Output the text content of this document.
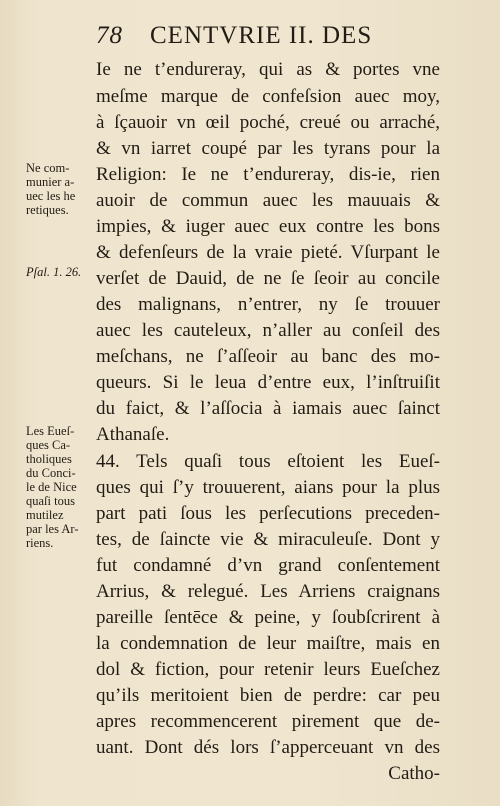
78 CENTVRIE II. DES
Ie ne t’endureray, qui as & portes vne
meſme marque de confeſsion auec moy,
à ſçauoir vn œil poché, creué ou arraché,
& vn iarret coupé par les tyrans pour la
Religion: Ie ne t’endureray, dis-ie, rien
auoir de commun auec les mauuais &
impies, & iuger auec eux contre les bons
& defenſeurs de la vraie pieté. Vſurpant le
verſet de Dauid, de ne ſe ſeoir au concile
des malignans, n’entrer, ny ſe trouuer
auec les cauteleux, n’aller au conſeil des
meſchans, ne ſ’aſſeoir au banc des mo-
queurs. Si le leua d’entre eux, l’inſtruiſit
du faict, & l’aſſocia à iamais auec ſainct
Athanaſe.
44. Tels quaſi tous eſtoient les Eueſ-
ques qui ſ’y trouuerent, aians pour la plus
part pati ſous les perſecutions preceden-
tes, de ſaincte vie & miraculeuſe. Dont y
fut condamné d’vn grand conſentement
Arrius, & relegué. Les Arriens craignans
pareille ſentēce & peine, y ſoubſcrirent à
la condemnation de leur maiſtre, mais en
dol & fiction, pour retenir leurs Eueſchez
qu’ils meritoient bien de perdre: car peu
apres recommencerent pirement que de-
uant. Dont dés lors ſ’apperceuant vn des
Catho-
Ne com-
munier a-
uec les he
retiques.
Pſal. 1. 26.
Les Eueſ-
ques Ca-
tholiques
du Conci-
le de Nice
quaſi tous
mutilez
par les Ar-
riens.
